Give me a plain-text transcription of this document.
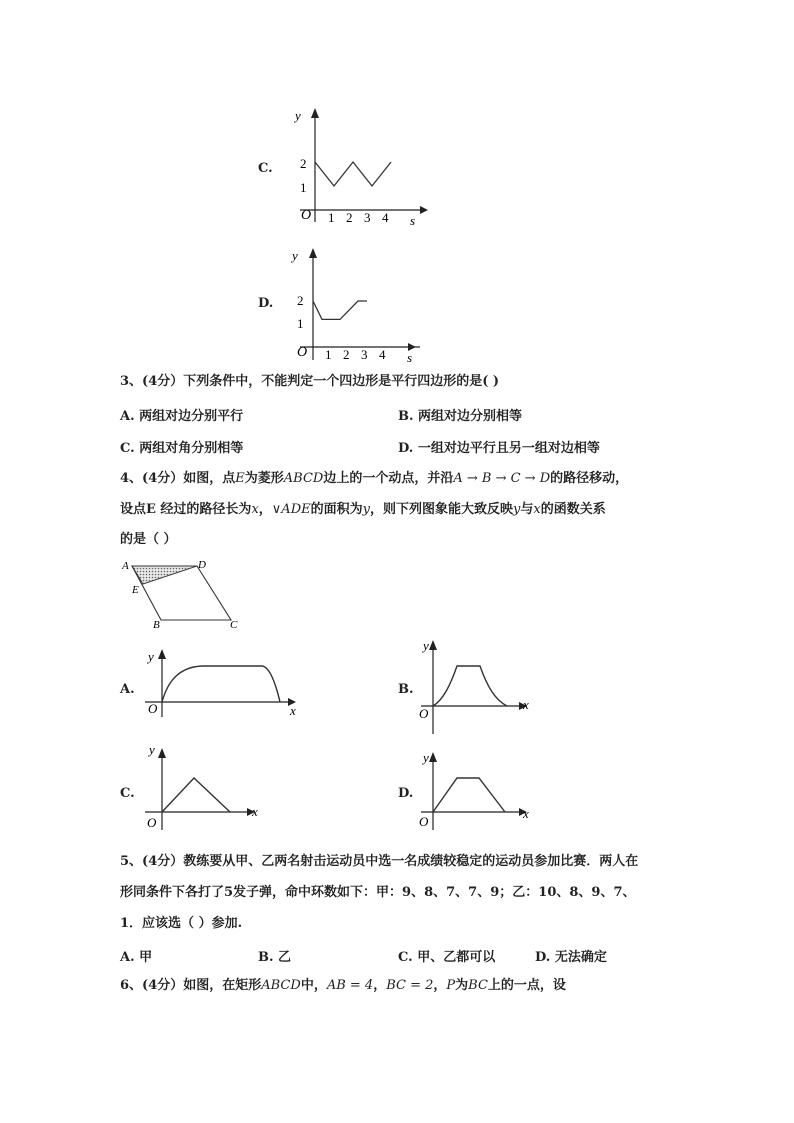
C.
y
s
O 1 2 3 4
1
2
D.
y
s
O 1 2 3 4
1
2
3、(4分）下列条件中，不能判定一个四边形是平行四边形的是( )
A. 两组对边分别平行	B. 两组对边分别相等
C. 两组对角分别相等	D. 一组对边平行且另一组对边相等
4、(4分）如图，点E为菱形ABCD边上的一个动点，并沿A → B → C → D的路径移动，
设点E 经过的路径长为x，∨ADE的面积为y，则下列图象能大致反映y与x的函数关系
的是（ ）
A	D
E
B	C
A.
y
x
O
B.
y
x
O
C.
y
x
O
D.
y
x
O
5、(4分）教练要从甲、乙两名射击运动员中选一名成绩较稳定的运动员参加比赛．两人在
形同条件下各打了5发子弹，命中环数如下：甲：9、8、7、7、9；乙：10、8、9、7、
1．应该选（ ）参加.
A. 甲	B. 乙	C. 甲、乙都可以	D. 无法确定
6、(4分）如图，在矩形ABCD中，AB = 4，BC = 2，P为BC上的一点，设
